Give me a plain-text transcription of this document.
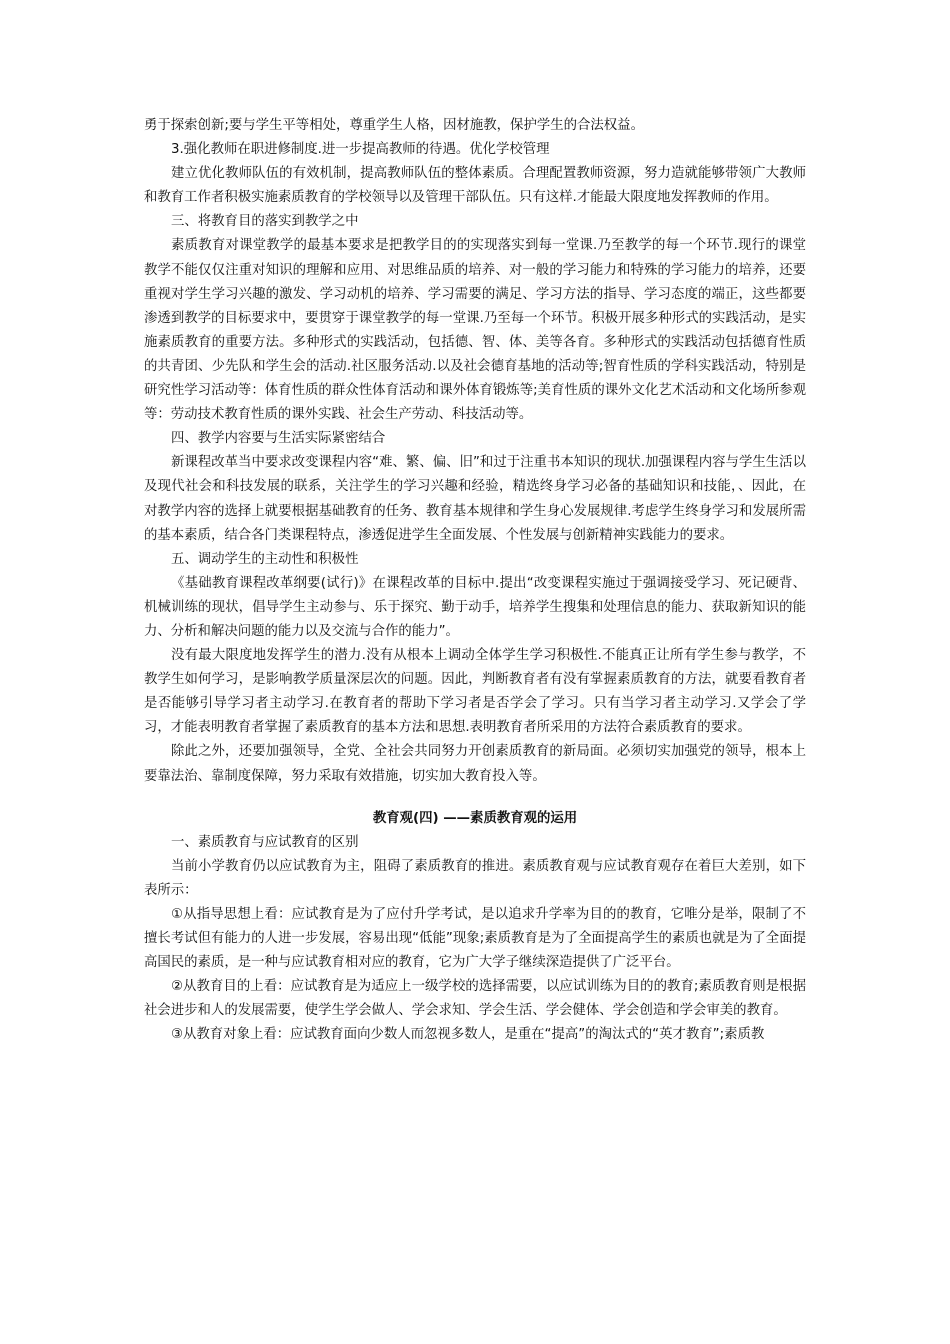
勇于探索创新;要与学生平等相处，尊重学生人格，因材施教，保护学生的合法权益。

3.强化教师在职进修制度.进一步提高教师的待遇。优化学校管理

建立优化教师队伍的有效机制，提高教师队伍的整体素质。合理配置教师资源，努力造就能够带领广大教师和教育工作者积极实施素质教育的学校领导以及管理干部队伍。只有这样.才能最大限度地发挥教师的作用。

三、将教育目的落实到教学之中

素质教育对课堂教学的最基本要求是把教学目的的实现落实到每一堂课.乃至教学的每一个环节.现行的课堂教学不能仅仅注重对知识的理解和应用、对思维品质的培养、对一般的学习能力和特殊的学习能力的培养，还要重视对学生学习兴趣的激发、学习动机的培养、学习需要的满足、学习方法的指导、学习态度的端正，这些都要渗透到教学的目标要求中，要贯穿于课堂教学的每一堂课.乃至每一个环节。积极开展多种形式的实践活动，是实施素质教育的重要方法。多种形式的实践活动，包括德、智、体、美等各育。多种形式的实践活动包括德育性质的共青团、少先队和学生会的活动.社区服务活动.以及社会德育基地的活动等;智育性质的学科实践活动，特别是研究性学习活动等：体育性质的群众性体育活动和课外体育锻炼等;美育性质的课外文化艺术活动和文化场所参观等：劳动技术教育性质的课外实践、社会生产劳动、科技活动等。

四、教学内容要与生活实际紧密结合

新课程改革当中要求改变课程内容“难、繁、偏、旧”和过于注重书本知识的现状.加强课程内容与学生生活以及现代社会和科技发展的联系，关注学生的学习兴趣和经验，精选终身学习必备的基础知识和技能，、因此，在对教学内容的选择上就要根据基础教育的任务、教育基本规律和学生身心发展规律.考虑学生终身学习和发展所需的基本素质，结合各门类课程特点，渗透促进学生全面发展、个性发展与创新精神实践能力的要求。

五、调动学生的主动性和积极性

《基础教育课程改革纲要(试行)》在课程改革的目标中.提出“改变课程实施过于强调接受学习、死记硬背、机械训练的现状，倡导学生主动参与、乐于探究、勤于动手，培养学生搜集和处理信息的能力、获取新知识的能力、分析和解决问题的能力以及交流与合作的能力”。

没有最大限度地发挥学生的潜力.没有从根本上调动全体学生学习积极性.不能真正让所有学生参与教学，不教学生如何学习，是影响教学质量深层次的问题。因此，判断教育者有没有掌握素质教育的方法，就要看教育者是否能够引导学习者主动学习.在教育者的帮助下学习者是否学会了学习。只有当学习者主动学习.又学会了学习，才能表明教育者掌握了素质教育的基本方法和思想.表明教育者所采用的方法符合素质教育的要求。

除此之外，还要加强领导，全党、全社会共同努力开创素质教育的新局面。必须切实加强党的领导，根本上要靠法治、靠制度保障，努力采取有效措施，切实加大教育投入等。

教育观(四) ——素质教育观的运用

一、素质教育与应试教育的区别

当前小学教育仍以应试教育为主，阻碍了素质教育的推进。素质教育观与应试教育观存在着巨大差别，如下表所示：

①从指导思想上看：应试教育是为了应付升学考试，是以追求升学率为目的的教育，它唯分是举，限制了不擅长考试但有能力的人进一步发展，容易出现“低能”现象;素质教育是为了全面提高学生的素质也就是为了全面提高国民的素质，是一种与应试教育相对应的教育，它为广大学子继续深造提供了广泛平台。

②从教育目的上看：应试教育是为适应上一级学校的选择需要，以应试训练为目的的教育;素质教育则是根据社会进步和人的发展需要，使学生学会做人、学会求知、学会生活、学会健体、学会创造和学会审美的教育。

③从教育对象上看：应试教育面向少数人而忽视多数人，是重在“提高”的淘汰式的“英才教育”;素质教
